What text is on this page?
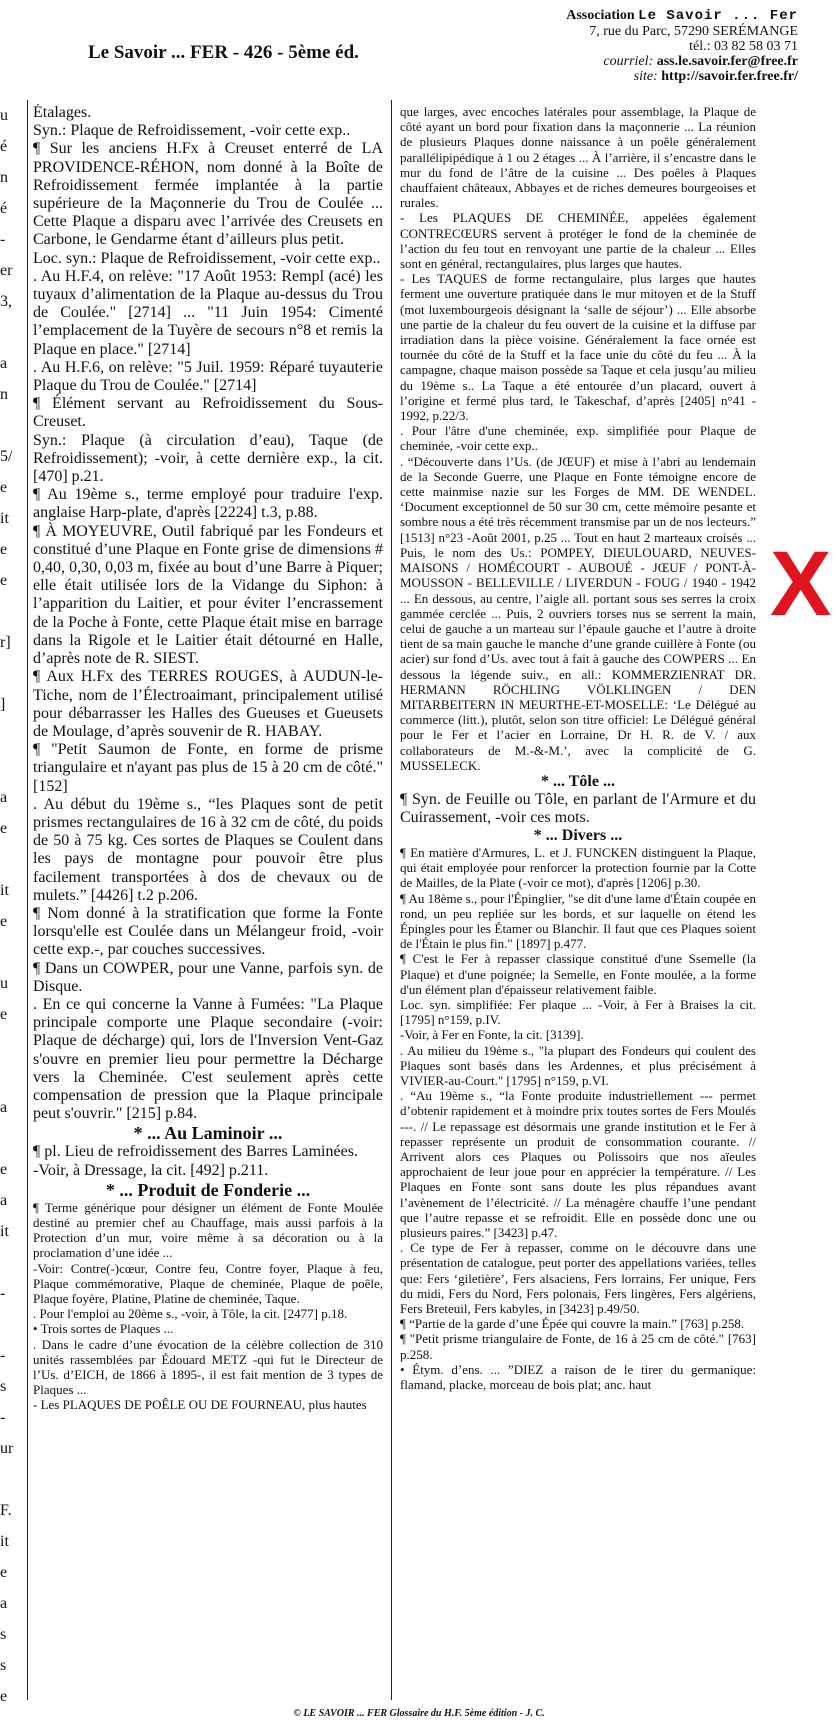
Le Savoir ... FER - 426 - 5ème éd.
Association Le Savoir ... Fer
7, rue du Parc, 57290 SERÉMANGE
tél.: 03 82 58 03 71
courriel: ass.le.savoir.fer@free.fr
site: http://savoir.fer.free.fr/
u
é
n
é
-
er
3,

a
n

5/
e
it
e
e

r]

]

a
e

it
e

u
e

a

e
a
it

-

-
s
-
ur

F.
it
e
a
s
s
e

Étalages.

Syn.: Plaque de Refroidissement, -voir cette exp..

¶ Sur les anciens H.Fx à Creuset enterré de LA PROVIDENCE-RÉHON, nom donné à la Boîte de Refroidissement fermée implantée à la partie supérieure de la Maçonnerie du Trou de Coulée ... Cette Plaque a disparu avec l’arrivée des Creusets en Carbone, le Gendarme étant d’ailleurs plus petit.

Loc. syn.: Plaque de Refroidissement, -voir cette exp..

. Au H.F.4, on relève: "17 Août 1953: Rempl (acé) les tuyaux d’alimentation de la Plaque au-dessus du Trou de Coulée." [2714] ... "11 Juin 1954: Cimenté l’emplacement de la Tuyère de secours n°8 et remis la Plaque en place." [2714]

. Au H.F.6, on relève: "5 Juil. 1959: Réparé tuyauterie Plaque du Trou de Coulée." [2714]

¶ Élément servant au Refroidissement du Sous-Creuset.

Syn.: Plaque (à circulation d’eau), Taque (de Refroidissement); -voir, à cette dernière exp., la cit. [470] p.21.

¶ Au 19ème s., terme employé pour traduire l'exp. anglaise Harp-plate, d'après [2224] t.3, p.88.

¶ À MOYEUVRE, Outil fabriqué par les Fondeurs et constitué d’une Plaque en Fonte grise de dimensions # 0,40, 0,30, 0,03 m, fixée au bout d’une Barre à Piquer; elle était utilisée lors de la Vidange du Siphon: à l’apparition du Laitier, et pour éviter l’encrassement de la Poche à Fonte, cette Plaque était mise en barrage dans la Rigole et le Laitier était détourné en Halle, d’après note de R. SIEST.

¶ Aux H.Fx des TERRES ROUGES, à AUDUN-le-Tiche, nom de l’Électroaimant, principalement utilisé pour débarrasser les Halles des Gueuses et Gueusets de Moulage, d’après souvenir de R. HABAY.

¶ "Petit Saumon de Fonte, en forme de prisme triangulaire et n'ayant pas plus de 15 à 20 cm de côté." [152]

. Au début du 19ème s., “les Plaques sont de petit prismes rectangulaires de 16 à 32 cm de côté, du poids de 50 à 75 kg. Ces sortes de Plaques se Coulent dans les pays de montagne pour pouvoir être plus facilement transportées à dos de chevaux ou de mulets.” [4426] t.2 p.206.

¶ Nom donné à la stratification que forme la Fonte lorsqu'elle est Coulée dans un Mélangeur froid, -voir cette exp.-, par couches successives.

¶ Dans un COWPER, pour une Vanne, parfois syn. de Disque.

. En ce qui concerne la Vanne à Fumées: "La Plaque principale comporte une Plaque secondaire (-voir: Plaque de décharge) qui, lors de l'Inversion Vent-Gaz s'ouvre en premier lieu pour permettre la Décharge vers la Cheminée. C'est seulement après cette compensation de pression que la Plaque principale peut s'ouvrir." [215] p.84.

* ... Au Laminoir ...

¶ pl. Lieu de refroidissement des Barres Laminées.

-Voir, à Dressage, la cit. [492] p.211.

* ... Produit de Fonderie ...

¶ Terme générique pour désigner un élément de Fonte Moulée destiné au premier chef au Chauffage, mais aussi parfois à la Protection d’un mur, voire même à sa décoration ou à la proclamation d’une idée ...

-Voir: Contre(-)cœur, Contre feu, Contre foyer, Plaque à feu, Plaque commémorative, Plaque de cheminée, Plaque de poêle, Plaque foyère, Platine, Platine de cheminée, Taque.

. Pour l'emploi au 20ème s., -voir, à Tôle, la cit. [2477] p.18.

• Trois sortes de Plaques ...

. Dans le cadre d’une évocation de la célèbre collection de 310 unités rassemblées par Édouard METZ -qui fut le Directeur de l’Us. d’EICH, de 1866 à 1895-, il est fait mention de 3 types de Plaques ...

- Les PLAQUES DE POÊLE OU DE FOURNEAU, plus hautes

que larges, avec encoches latérales pour assemblage, la Plaque de côté ayant un bord pour fixation dans la maçonnerie ... La réunion de plusieurs Plaques donne naissance à un poêle généralement parallélipipédique à 1 ou 2 étages ... À l’arrière, il s’encastre dans le mur du fond de l’âtre de la cuisine ... Des poêles à Plaques chauffaient châteaux, Abbayes et de riches demeures bourgeoises et rurales.

- Les PLAQUES DE CHEMINÉE, appelées également CONTRECŒURS servent à protéger le fond de la cheminée de l’action du feu tout en renvoyant une partie de la chaleur ... Elles sont en général, rectangulaires, plus larges que hautes.

- Les TAQUES de forme rectangulaire, plus larges que hautes ferment une ouverture pratiquée dans le mur mitoyen et de la Stuff (mot luxembourgeois désignant la ‘salle de séjour’) ... Elle absorbe une partie de la chaleur du feu ouvert de la cuisine et la diffuse par irradiation dans la pièce voisine. Généralement la face ornée est tournée du côté de la Stuff et la face unie du côté du feu ... À la campagne, chaque maison possède sa Taque et cela jusqu’au milieu du 19ème s.. La Taque a été entourée d’un placard, ouvert à l’origine et fermé plus tard, le Takeschaf, d’après [2405] n°41 - 1992, p.22/3.

. Pour l'âtre d'une cheminée, exp. simplifiée pour Plaque de cheminée, -voir cette exp..

. “Découverte dans l’Us. (de JŒUF) et mise à l’abri au lendemain de la Seconde Guerre, une Plaque en Fonte témoigne encore de cette mainmise nazie sur les Forges de MM. DE WENDEL. ‘Document exceptionnel de 50 sur 30 cm, cette mémoire pesante et sombre nous a été très récemment transmise par un de nos lecteurs.” [1513] n°23 -Août 2001, p.25 ... Tout en haut 2 marteaux croisés ... Puis, le nom des Us.: POMPEY, DIEULOUARD, NEUVES-MAISONS / HOMÉCOURT - AUBOUÉ - JŒUF / PONT-À-MOUSSON - BELLEVILLE / LIVERDUN - FOUG / 1940 - 1942 ... En dessous, au centre, l’aigle all. portant sous ses serres la croix gammée cerclée ... Puis, 2 ouvriers torses nus se serrent la main, celui de gauche a un marteau sur l’épaule gauche et l’autre à droite tient de sa main gauche le manche d’une grande cuillère à Fonte (ou acier) sur fond d’Us. avec tout à fait à gauche des COWPERS ... En dessous la légende suiv., en all.: KOMMERZIENRAT DR. HERMANN RÖCHLING VÖLKLINGEN / DEN MITARBEITERN IN MEURTHE-ET-MOSELLE: ‘Le Délégué au commerce (litt.), plutôt, selon son titre officiel: Le Délégué général pour le Fer et l’acier en Lorraine, Dr H. R. de V. / aux collaborateurs de M.-&-M.’, avec la complicité de G. MUSSELECK.

* ... Tôle ...

¶ Syn. de Feuille ou Tôle, en parlant de l'Armure et du Cuirassement, -voir ces mots.

* ... Divers ...

¶ En matière d'Armures, L. et J. FUNCKEN distinguent la Plaque, qui était employée pour renforcer la protection fournie par la Cotte de Mailles, de la Plate (-voir ce mot), d'après [1206] p.30.

¶ Au 18ème s., pour l'Épinglier, "se dit d'une lame d'Étain coupée en rond, un peu repliée sur les bords, et sur laquelle on étend les Épingles pour les Étamer ou Blanchir. Il faut que ces Plaques soient de l'Étain le plus fin." [1897] p.477.

¶ C'est le Fer à repasser classique constitué d'une Ssemelle (la Plaque) et d'une poignée; la Semelle, en Fonte moulée, a la forme d'un élément plan d'épaisseur relativement faible.

Loc. syn. simplifiée: Fer plaque ... -Voir, à Fer à Braises la cit. [1795] n°159, p.IV.

-Voir, à Fer en Fonte, la cit. [3139].

. Au milieu du 19ème s., "la plupart des Fondeurs qui coulent des Plaques sont basés dans les Ardennes, et plus précisément à VIVIER-au-Court." [1795] n°159, p.VI.

. “Au 19ème s., “la Fonte produite industriellement --- permet d’obtenir rapidement et à moindre prix toutes sortes de Fers Moulés ---. // Le repassage est désormais une grande institution et le Fer à repasser représente un produit de consommation courante. // Arrivent alors ces Plaques ou Polissoirs que nos aïeules approchaient de leur joue pour en apprécier la température. // Les Plaques en Fonte sont sans doute les plus répandues avant l’avènement de l’électricité. // La ménagère chauffe l’une pendant que l’autre repasse et se refroidit. Elle en possède donc une ou plusieurs paires.” [3423] p.47.

. Ce type de Fer à repasser, comme on le découvre dans une présentation de catalogue, peut porter des appellations variées, telles que: Fers ‘giletière’, Fers alsaciens, Fers lorrains, Fer unique, Fers du midi, Fers du Nord, Fers polonais, Fers lingères, Fers algériens, Fers Breteuil, Fers kabyles, in [3423] p.49/50.

¶ “Partie de la garde d’une Épée qui couvre la main.” [763] p.258.

¶ "Petit prisme triangulaire de Fonte, de 16 à 25 cm de côté." [763] p.258.

• Étym. d’ens. ... ”DIEZ a raison de le tirer du germanique: flamand, placke, morceau de bois plat; anc. haut

X
© LE SAVOIR ... FER Glossaire du H.F. 5ème édition - J. C.
